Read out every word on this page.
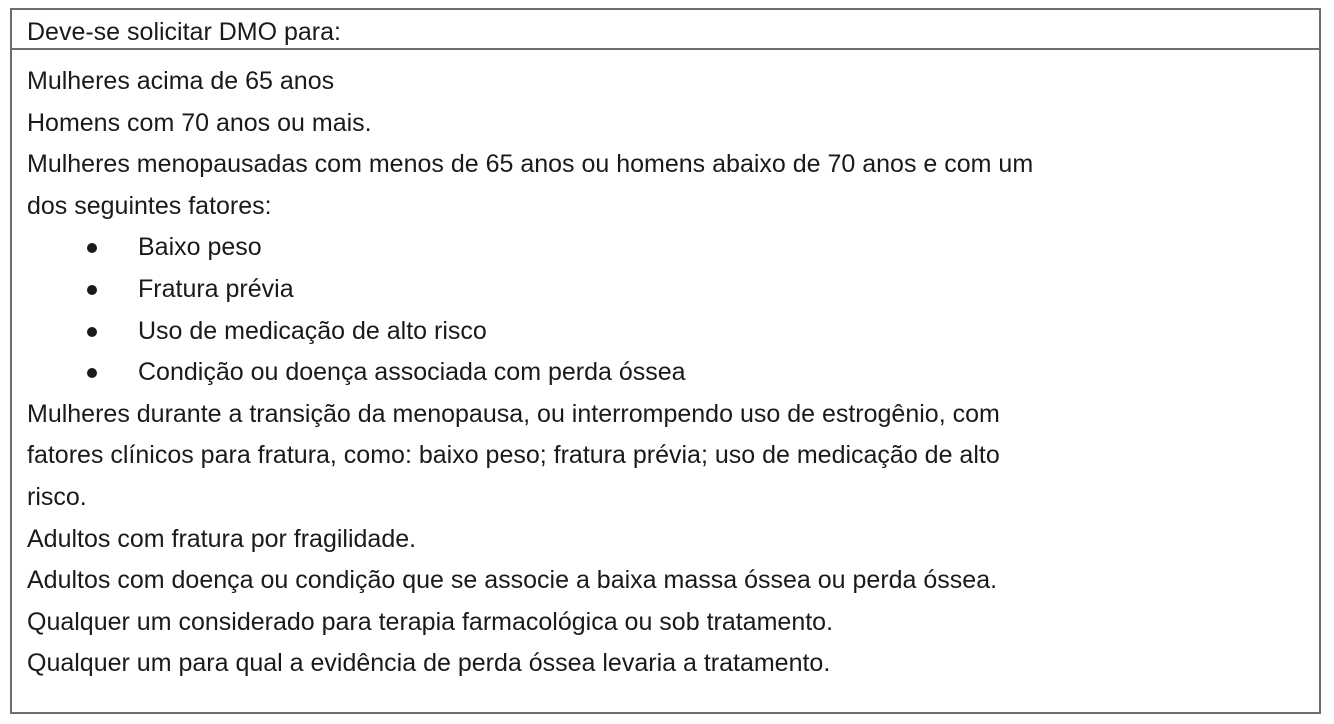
Deve-se solicitar DMO para:
Mulheres acima de 65 anos
Homens com 70 anos ou mais.
Mulheres menopausadas com menos de 65 anos ou homens abaixo de 70 anos e com um
dos seguintes fatores:
Baixo peso
Fratura prévia
Uso de medicação de alto risco
Condição ou doença associada com perda óssea
Mulheres durante a transição da menopausa, ou interrompendo uso de estrogênio, com
fatores clínicos para fratura, como: baixo peso; fratura prévia; uso de medicação de alto
risco.
Adultos com fratura por fragilidade.
Adultos com doença ou condição que se associe a baixa massa óssea ou perda óssea.
Qualquer um considerado para terapia farmacológica ou sob tratamento.
Qualquer um para qual a evidência de perda óssea levaria a tratamento.
